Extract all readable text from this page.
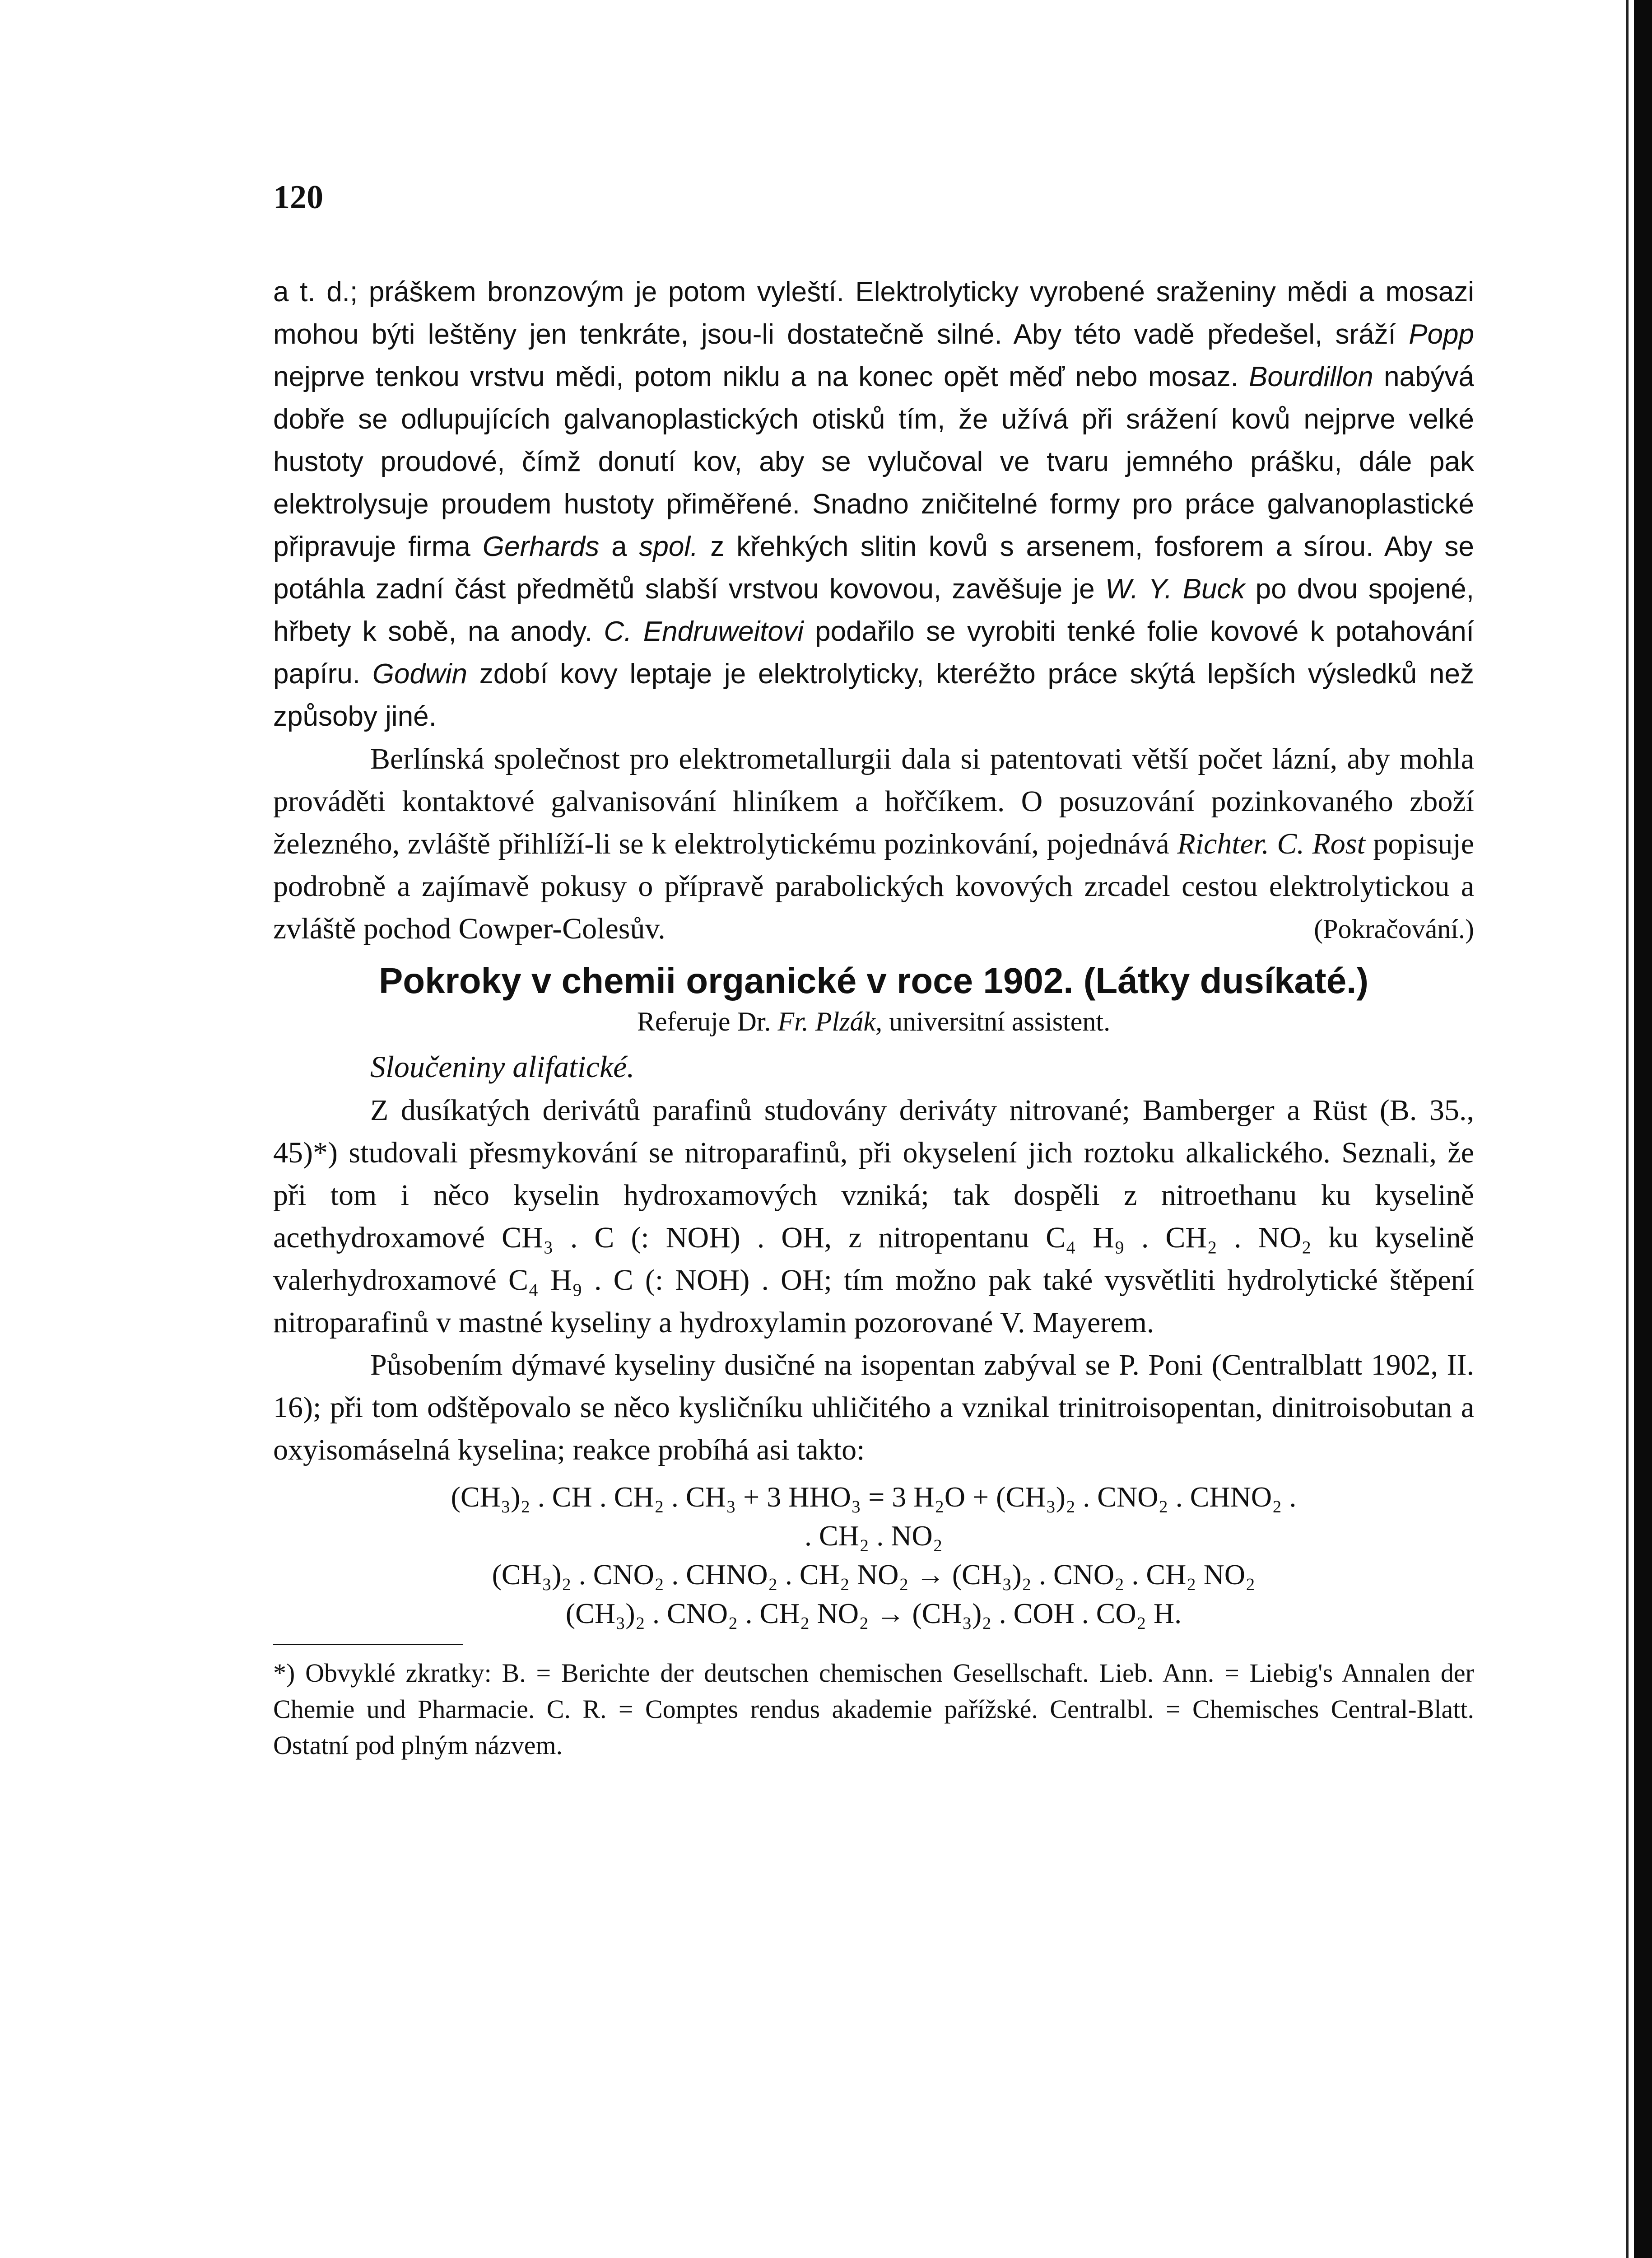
120

a t. d.; práškem bronzovým je potom vyleští. Elektrolyticky vyrobené sraženiny mědi a mosazi mohou býti leštěny jen tenkráte, jsou-li dostatečně silné. Aby této vadě předešel, sráží Popp nejprve tenkou vrstvu mědi, potom niklu a na konec opět měď nebo mosaz. Bourdillon nabývá dobře se odlupujících galvanoplastických otisků tím, že užívá při srážení kovů nejprve velké hustoty proudové, čímž donutí kov, aby se vylučoval ve tvaru jemného prášku, dále pak elektrolysuje proudem hustoty přiměřené. Snadno zničitelné formy pro práce galvanoplastické připravuje firma Gerhards a spol. z křehkých slitin kovů s arsenem, fosforem a sírou. Aby se potáhla zadní část předmětů slabší vrstvou kovovou, zavěšuje je W. Y. Buck po dvou spojené, hřbety k sobě, na anody. C. Endruweitovi podařilo se vyrobiti tenké folie kovové k potahování papíru. Godwin zdobí kovy leptaje je elektrolyticky, kteréžto práce skýtá lepších výsledků než způsoby jiné.

Berlínská společnost pro elektrometallurgii dala si patentovati větší počet lázní, aby mohla prováděti kontaktové galvanisování hliníkem a hořčíkem. O posuzování pozinkovaného zboží železného, zvláště přihlíží-li se k elektrolytickému pozinkování, pojednává Richter. C. Rost popisuje podrobně a zajímavě pokusy o přípravě parabolických kovových zrcadel cestou elektrolytickou a zvláště pochod Cowper-Colesův.	(Pokračování.)

Pokroky v chemii organické v roce 1902. (Látky dusíkaté.)
Referuje Dr. Fr. Plzák, universitní assistent.
Sloučeniny alifatické.

Z dusíkatých derivátů parafinů studovány deriváty nitrované; Bamberger a Rüst (B. 35., 45)*) studovali přesmykování se nitroparafinů, při okyselení jich roztoku alkalického. Seznali, že při tom i něco kyselin hydroxamových vzniká; tak dospěli z nitroethanu ku kyselině acethydroxamové CH₃ . C (: NOH) . OH, z nitropentanu C₄ H₉ . CH₂ . NO₂ ku kyselině valerhydroxamové C₄ H₉ . C (: NOH) . OH; tím možno pak také vysvětliti hydrolytické štěpení nitroparafinů v mastné kyseliny a hydroxylamin pozorované V. Mayerem.

Působením dýmavé kyseliny dusičné na isopentan zabýval se P. Poni (Centralblatt 1902, II. 16); při tom odštěpovalo se něco kysličníku uhličitého a vznikal trinitroisopentan, dinitroisobutan a oxyisomáselná kyselina; reakce probíhá asi takto:

(CH₃)₂ . CH . CH₂ . CH₃ + 3 HHO₃ = 3 H₂O + (CH₃)₂ . CNO₂ . CHNO₂ .
. CH₂ . NO₂
(CH₃)₂ . CNO₂ . CHNO₂ . CH₂ NO₂ → (CH₃)₂ . CNO₂ . CH₂ NO₂
(CH₃)₂ . CNO₂ . CH₂ NO₂ → (CH₃)₂ . COH . CO₂ H.

*) Obvyklé zkratky: B. = Berichte der deutschen chemischen Gesellschaft. Lieb. Ann. = Liebig's Annalen der Chemie und Pharmacie. C. R. = Comptes rendus akademie pařížské. Centralbl. = Chemisches Central-Blatt. Ostatní pod plným názvem.
